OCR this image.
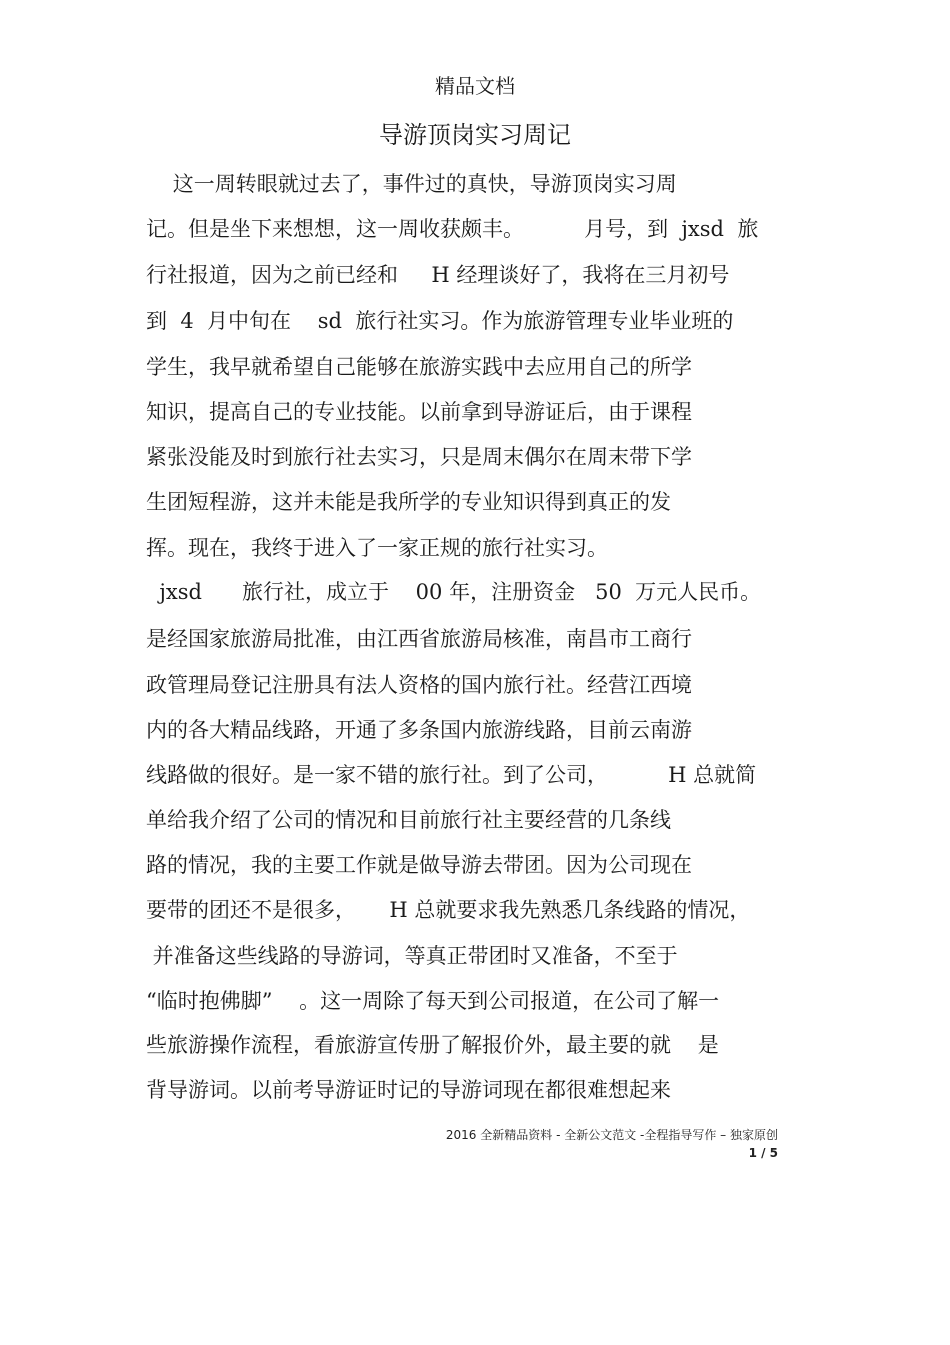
精品文档
导游顶岗实习周记
这一周转眼就过去了，事件过的真快，导游顶岗实习周
记。但是坐下来想想，这一周收获颇丰。         月号，到  jxsd  旅
行社报道，因为之前已经和     H 经理谈好了，我将在三月初号
到  4  月中旬在    sd  旅行社实习。作为旅游管理专业毕业班的
学生，我早就希望自己能够在旅游实践中去应用自己的所学
知识，提高自己的专业技能。以前拿到导游证后，由于课程
紧张没能及时到旅行社去实习，只是周末偶尔在周末带下学
生团短程游，这并未能是我所学的专业知识得到真正的发
挥。现在，我终于进入了一家正规的旅行社实习。
jxsd      旅行社，成立于    00 年，注册资金   50  万元人民币。
是经国家旅游局批准，由江西省旅游局核准，南昌市工商行
政管理局登记注册具有法人资格的国内旅行社。经营江西境
内的各大精品线路，开通了多条国内旅游线路，目前云南游
线路做的很好。是一家不错的旅行社。到了公司，         H 总就简
单给我介绍了公司的情况和目前旅行社主要经营的几条线
路的情况，我的主要工作就是做导游去带团。因为公司现在
要带的团还不是很多，     H 总就要求我先熟悉几条线路的情况，
并准备这些线路的导游词，等真正带团时又准备，不至于
“临时抱佛脚”    。这一周除了每天到公司报道，在公司了解一
些旅游操作流程，看旅游宣传册了解报价外，最主要的就    是
背导游词。以前考导游证时记的导游词现在都很难想起来
2016 全新精品资料 - 全新公文范文 -全程指导写作 – 独家原创
1 / 5
